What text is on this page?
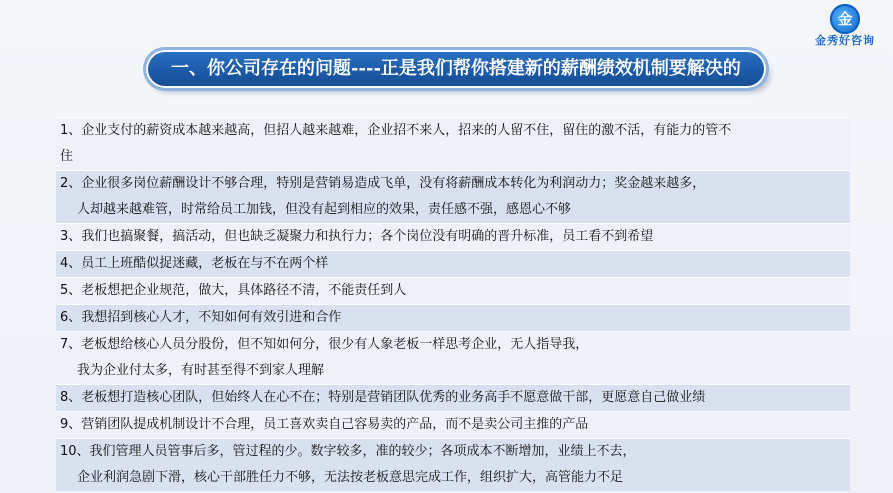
金
金秀好咨询
一、你公司存在的问题----正是我们帮你搭建新的薪酬绩效机制要解决的
1、企业支付的薪资成本越来越高，但招人越来越难，企业招不来人，招来的人留不住，留住的激不活，有能力的管不
住
2、企业很多岗位薪酬设计不够合理，特别是营销易造成飞单，没有将薪酬成本转化为利润动力；奖金越来越多，
人却越来越难管，时常给员工加钱，但没有起到相应的效果，责任感不强，感恩心不够
3、我们也搞聚餐，搞活动，但也缺乏凝聚力和执行力；各个岗位没有明确的晋升标准，员工看不到希望
4、员工上班酷似捉迷藏，老板在与不在两个样
5、老板想把企业规范，做大，具体路径不清，不能责任到人
6、我想招到核心人才，不知如何有效引进和合作
7、老板想给核心人员分股份，但不知如何分，很少有人象老板一样思考企业，无人指导我，
我为企业付太多，有时甚至得不到家人理解
8、老板想打造核心团队，但始终人在心不在；特别是营销团队优秀的业务高手不愿意做干部，更愿意自己做业绩
9、营销团队提成机制设计不合理，员工喜欢卖自己容易卖的产品，而不是卖公司主推的产品
10、我们管理人员管事后多，管过程的少。数字较多，准的较少；各项成本不断增加，业绩上不去，
企业利润急剧下滑，核心干部胜任力不够，无法按老板意思完成工作，组织扩大，高管能力不足
